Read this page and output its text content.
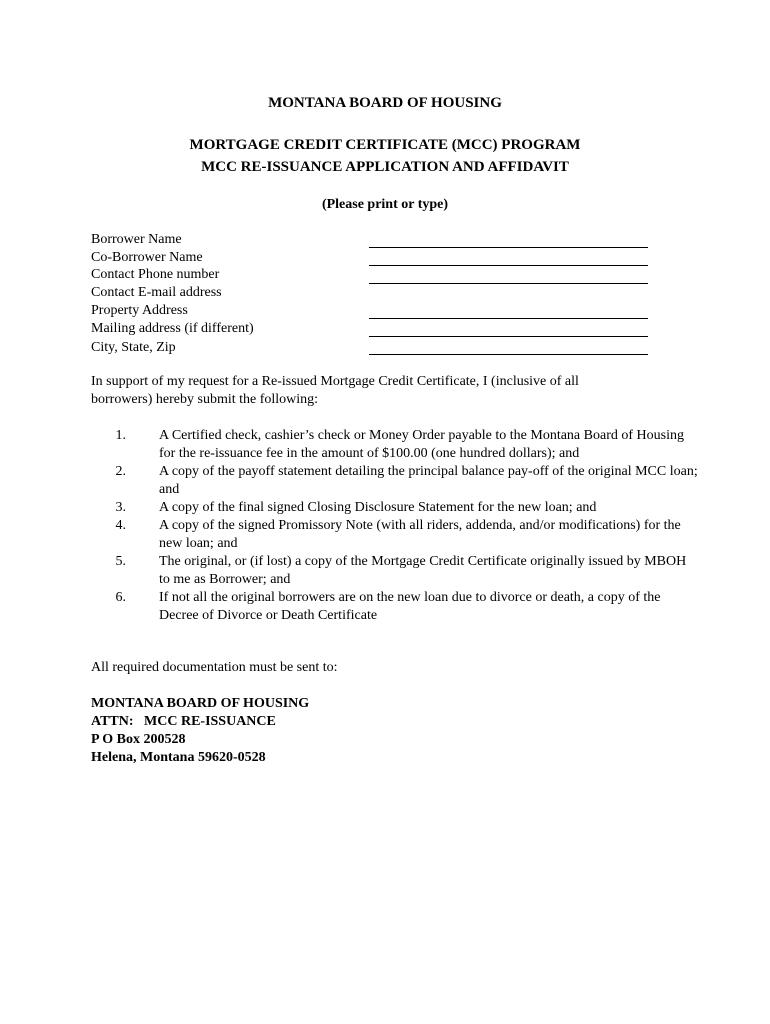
MONTANA BOARD OF HOUSING
MORTGAGE CREDIT CERTIFICATE (MCC) PROGRAM
MCC RE-ISSUANCE APPLICATION AND AFFIDAVIT
(Please print or type)
Borrower Name
Co-Borrower Name
Contact Phone number
Contact E-mail address
Property Address
Mailing address (if different)
City, State, Zip
In support of my request for a Re-issued Mortgage Credit Certificate, I (inclusive of all borrowers) hereby submit the following:
1. A Certified check, cashier’s check or Money Order payable to the Montana Board of Housing for the re-issuance fee in the amount of $100.00 (one hundred dollars); and
2. A copy of the payoff statement detailing the principal balance pay-off of the original MCC loan; and
3. A copy of the final signed Closing Disclosure Statement for the new loan; and
4. A copy of the signed Promissory Note (with all riders, addenda, and/or modifications) for the new loan; and
5. The original, or (if lost) a copy of the Mortgage Credit Certificate originally issued by MBOH to me as Borrower; and
6. If not all the original borrowers are on the new loan due to divorce or death, a copy of the Decree of Divorce or Death Certificate
All required documentation must be sent to:
MONTANA BOARD OF HOUSING
ATTN:   MCC RE-ISSUANCE
P O Box 200528
Helena, Montana 59620-0528
